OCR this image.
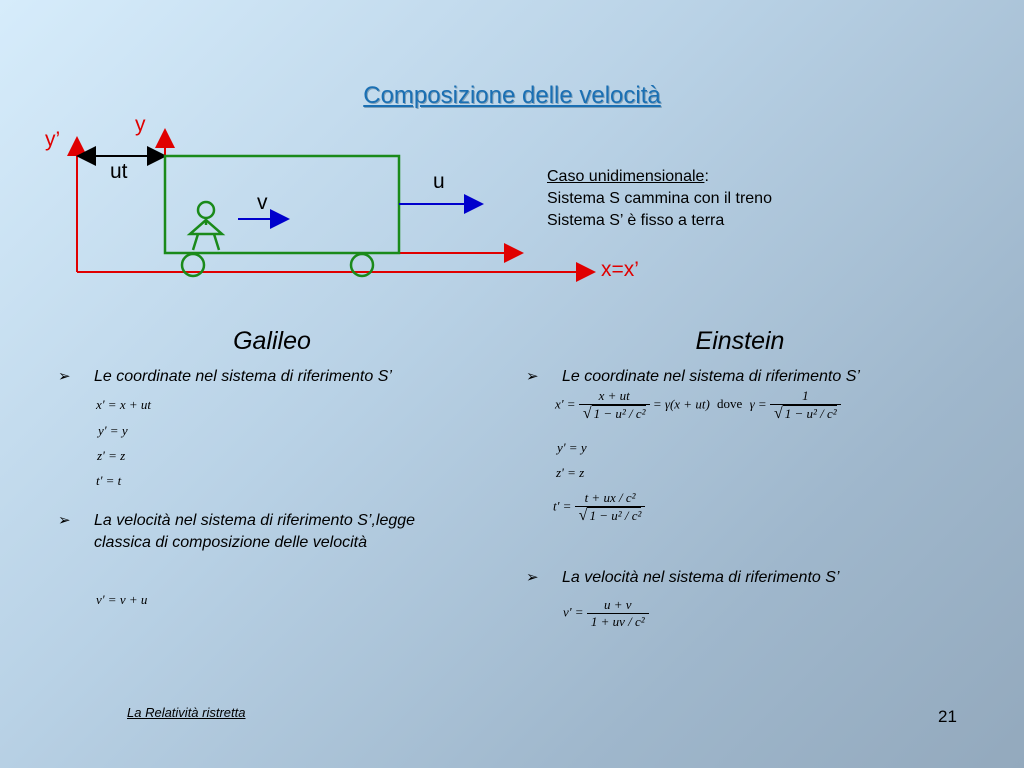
Composizione delle velocità
y
y’
ut	u
v
x=x’
Caso unidimensionale:
Sistema S cammina con il treno
Sistema S’ è fisso a terra
Galileo
➢ Le coordinate nel sistema di riferimento S’
x' = x + ut
y' = y
z' = z
t' = t
➢ La velocità nel sistema di riferimento S’,legge classica di composizione delle velocità
v' = v + u
Einstein
➢ Le coordinate nel sistema di riferimento S’
$x' = \frac{x + ut}{\text{√ 1 − u² / c²}} = \gamma(x + ut)$ dove $\gamma = \frac{1}{\text{√ 1 − u² / c²}}$
y' = y
z' = z
$t' = \frac{\text{t + ux / c²}}{\text{√ 1 − u² / c²}}$
➢ La velocità nel sistema di riferimento S’
$v' = \frac{u + v}{\text{1 + uv / c²}}$
La Relatività ristretta	21
